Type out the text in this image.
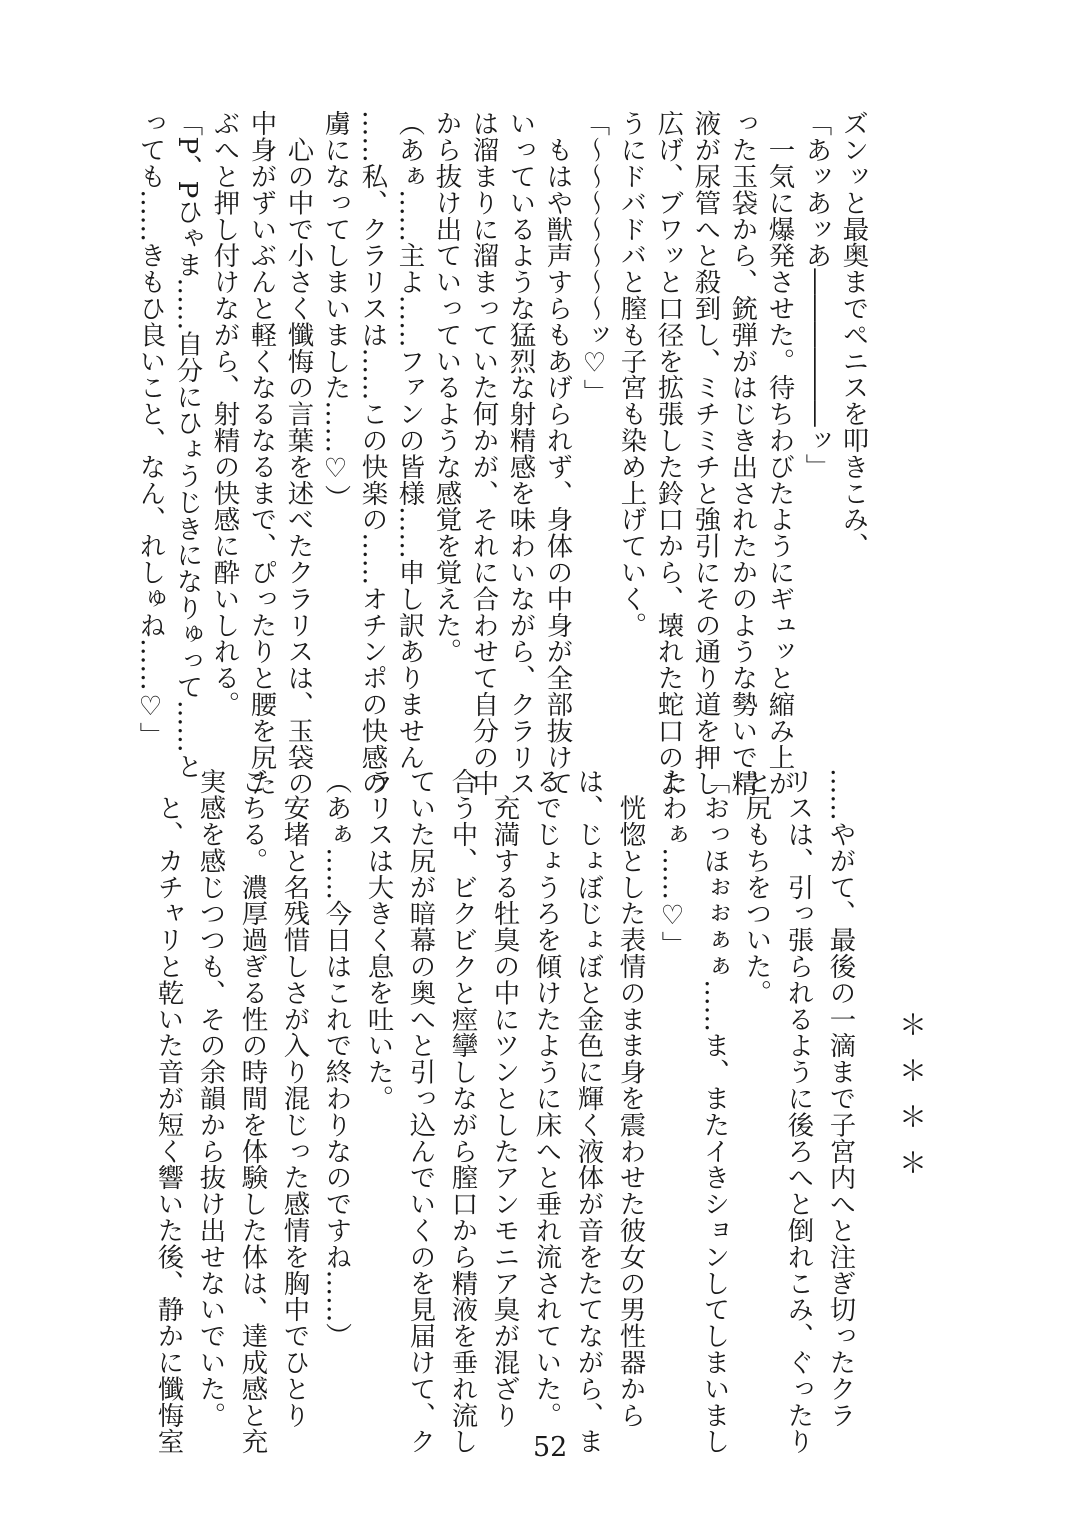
ズンッと最奥までペニスを叩きこみ、
「あッあッあ――――――ッ」
　一気に爆発させた。待ちわびたようにギュッと縮み上が
った玉袋から、銃弾がはじき出されたかのような勢いで精
液が尿管へと殺到し、ミチミチと強引にその通り道を押し
広げ、ブワッと口径を拡張した鈴口から、壊れた蛇口のよ
うにドバドバと膣も子宮も染め上げていく。
「～～～～～～～ッ♡」
　もはや獣声すらもあげられず、身体の中身が全部抜けて
いっているような猛烈な射精感を味わいながら、クラリス
は溜まりに溜まっていた何かが、それに合わせて自分の中
から抜け出ていっているような感覚を覚えた。
（あぁ……主よ……ファンの皆様……申し訳ありません
……私、クラリスは……この快楽の……オチンポの快感の
虜になってしまいました……♡）
　心の中で小さく懺悔の言葉を述べたクラリスは、玉袋の
中身がずいぶんと軽くなるなるまで、ぴったりと腰を尻た
ぶへと押し付けながら、射精の快感に酔いしれる。
「P、Pひゃま……自分にひょうじきになりゅって……と
っても……きもひ良いこと、なん、れしゅね……♡」
＊＊＊＊
……やがて、最後の一滴まで子宮内へと注ぎ切ったクラ
リスは、引っ張られるように後ろへと倒れこみ、ぐったり
と尻もちをついた。
「おっほぉぉぁぁ……ま、またイきションしてしまいまし
たわぁ……♡」
　恍惚とした表情のまま身を震わせた彼女の男性器から
は、じょぼじょぼと金色に輝く液体が音をたてながら、ま
るでじょうろを傾けたように床へと垂れ流されていた。
　充満する牡臭の中にツンとしたアンモニア臭が混ざり
合う中、ビクビクと痙攣しながら膣口から精液を垂れ流し
ていた尻が暗幕の奥へと引っ込んでいくのを見届けて、ク
ラリスは大きく息を吐いた。
（あぁ……今日はこれで終わりなのですね……）
　安堵と名残惜しさが入り混じった感情を胸中でひとり
ごちる。濃厚過ぎる性の時間を体験した体は、達成感と充
実感を感じつつも、その余韻から抜け出せないでいた。
　と、カチャリと乾いた音が短く響いた後、静かに懺悔室	52
